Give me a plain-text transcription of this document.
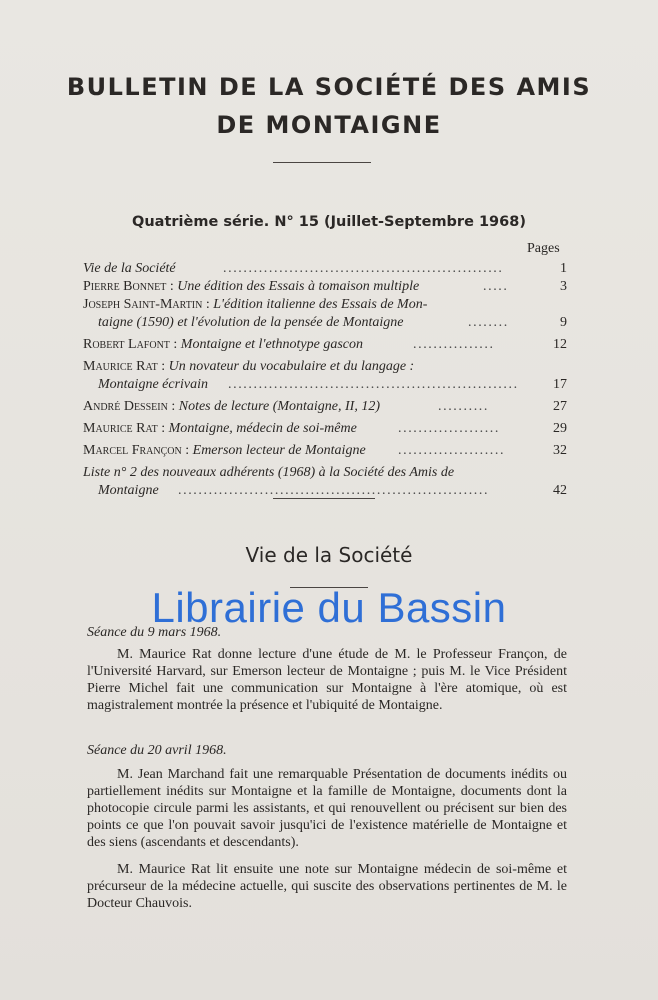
BULLETIN DE LA SOCIÉTÉ DES AMIS
DE MONTAIGNE
Quatrième série. N° 15 (Juillet-Septembre 1968)
Pages
Vie de la Société	.......................................................	1
Pierre Bonnet : Une édition des Essais à tomaison multiple	.....	3
Joseph Saint-Martin : L'édition italienne des Essais de Mon-
taigne (1590) et l'évolution de la pensée de Montaigne	........	9
Robert Lafont : Montaigne et l'ethnotype gascon	................	12
Maurice Rat : Un novateur du vocabulaire et du langage :
Montaigne écrivain .........................................................	17
André Dessein : Notes de lecture (Montaigne, II, 12)	..........	27
Maurice Rat : Montaigne, médecin de soi-même	....................	29
Marcel Françon : Emerson lecteur de Montaigne .....................	32
Liste n° 2 des nouveaux adhérents (1968) à la Société des Amis de
Montaigne .............................................................	42
Vie de la Société
Librairie du Bassin
Séance du 9 mars 1968.

M. Maurice Rat donne lecture d'une étude de M. le Professeur Françon, de l'Université Harvard, sur Emerson lecteur de Montaigne ; puis M. le Vice Président Pierre Michel fait une communication sur Montaigne à l'ère atomique, où est magistralement montrée la présence et l'ubiquité de Montaigne.

Séance du 20 avril 1968.

M. Jean Marchand fait une remarquable Présentation de documents inédits ou partiellement inédits sur Montaigne et la famille de Montaigne, documents dont la photocopie circule parmi les assistants, et qui renouvellent ou précisent sur bien des points ce que l'on pouvait savoir jusqu'ici de l'existence matérielle de Montaigne et des siens (ascendants et descendants).

M. Maurice Rat lit ensuite une note sur Montaigne médecin de soi-même et précurseur de la médecine actuelle, qui suscite des observations pertinentes de M. le Docteur Chauvois.
